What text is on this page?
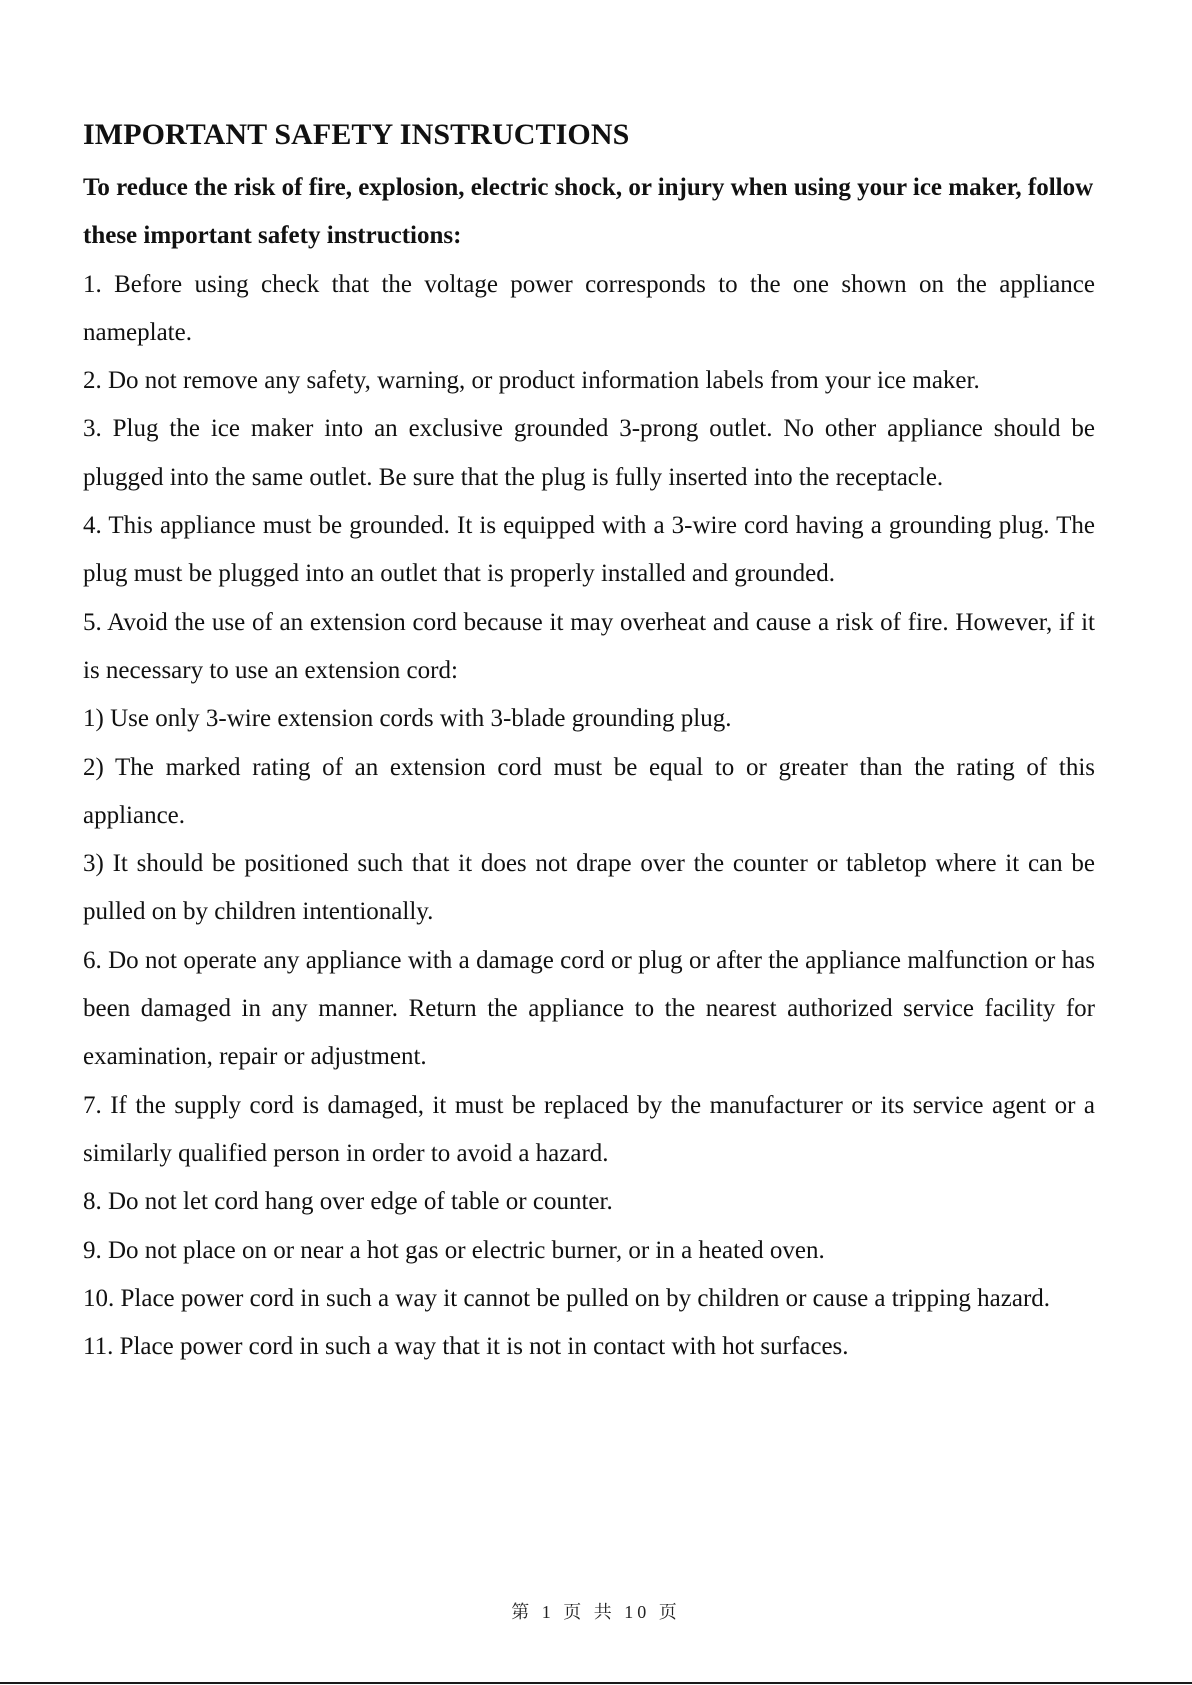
IMPORTANT SAFETY INSTRUCTIONS

To reduce the risk of fire, explosion, electric shock, or injury when using your ice maker, follow these important safety instructions:

1. Before using check that the voltage power corresponds to the one shown on the appliance nameplate.

2. Do not remove any safety, warning, or product information labels from your ice maker.

3. Plug the ice maker into an exclusive grounded 3-prong outlet. No other appliance should be plugged into the same outlet. Be sure that the plug is fully inserted into the receptacle.

4. This appliance must be grounded. It is equipped with a 3-wire cord having a grounding plug. The plug must be plugged into an outlet that is properly installed and grounded.

5. Avoid the use of an extension cord because it may overheat and cause a risk of fire. However, if it is necessary to use an extension cord:

1) Use only 3-wire extension cords with 3-blade grounding plug.

2) The marked rating of an extension cord must be equal to or greater than the rating of this appliance.

3) It should be positioned such that it does not drape over the counter or tabletop where it can be pulled on by children intentionally.

6. Do not operate any appliance with a damage cord or plug or after the appliance malfunction or has been damaged in any manner. Return the appliance to the nearest authorized service facility for examination, repair or adjustment.

7. If the supply cord is damaged, it must be replaced by the manufacturer or its service agent or a similarly qualified person in order to avoid a hazard.

8. Do not let cord hang over edge of table or counter.

9. Do not place on or near a hot gas or electric burner, or in a heated oven.

10. Place power cord in such a way it cannot be pulled on by children or cause a tripping hazard.

11. Place power cord in such a way that it is not in contact with hot surfaces.

第 1 页 共 10 页
